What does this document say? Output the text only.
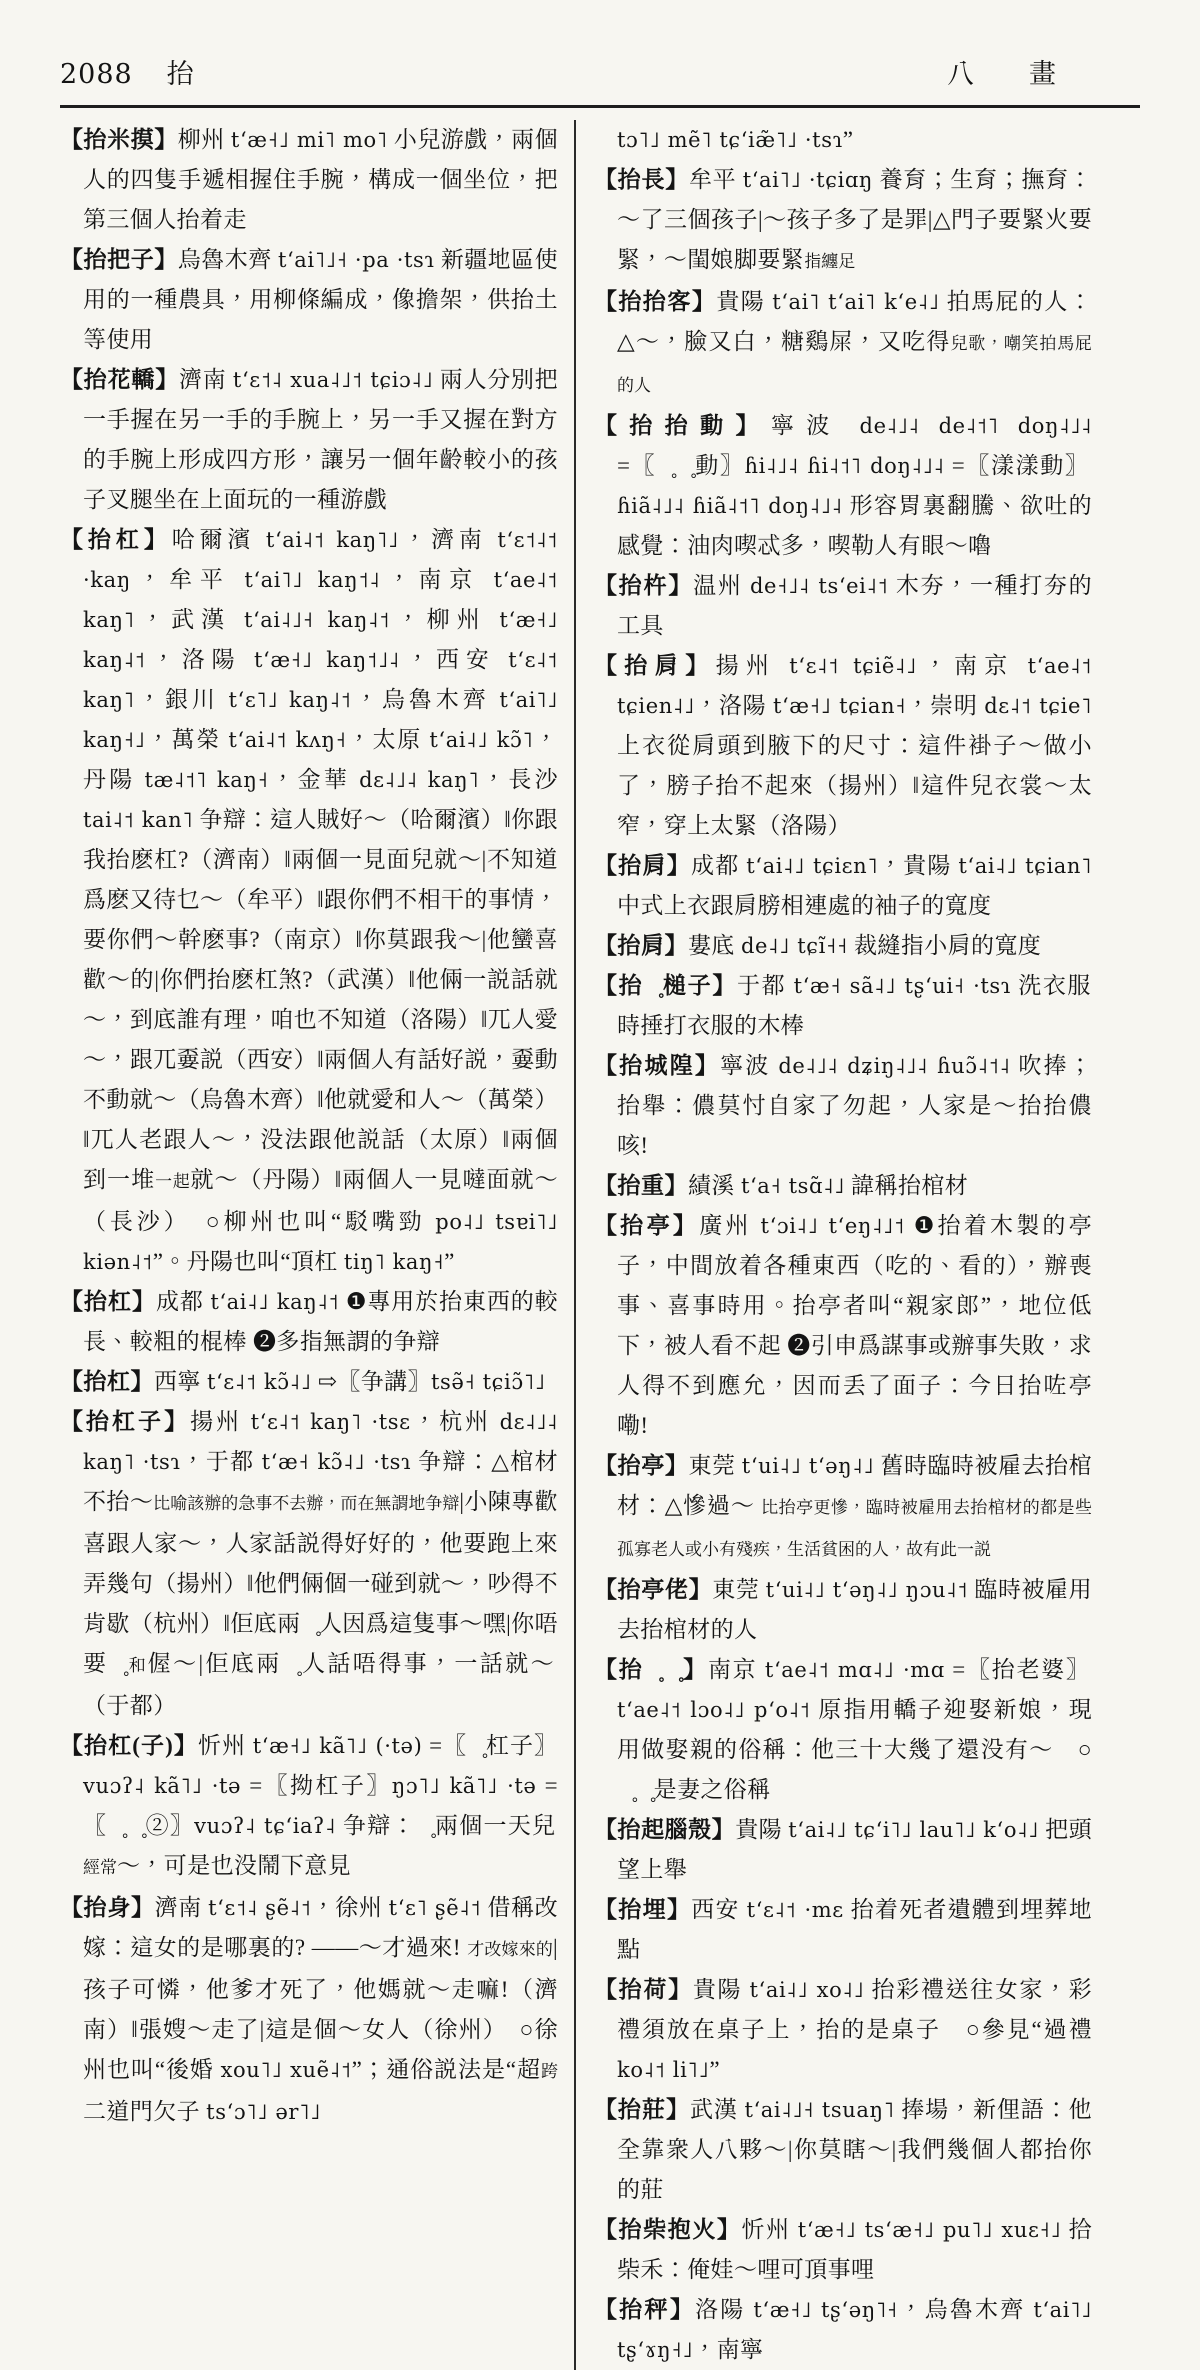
2088 抬	八　畫

【抬米摸】柳州 tʻæ˧˩ mi˥ mo˥ 小兒游戲，兩個人的四隻手遞相握住手腕，構成一個坐位，把第三個人抬着走

【抬把子】烏魯木齊 tʻai˥˩˧ ·pa ·tsɿ 新疆地區使用的一種農具，用柳條編成，像擔架，供抬土等使用

【抬花轎】濟南 tʻɛ˦˨ xua˨˩˦ tɕiɔ˨˩ 兩人分別把一手握在另一手的手腕上，另一手又握在對方的手腕上形成四方形，讓另一個年齡較小的孩子叉腿坐在上面玩的一種游戲

【抬杠】哈爾濱 tʻai˨˦ kaŋ˥˩，濟南 tʻɛ˦˨˦ ·kaŋ，牟平 tʻai˥˩ kaŋ˦˨，南京 tʻae˨˦ kaŋ˥，武漢 tʻai˨˩˧ kaŋ˨˦，柳州 tʻæ˧˩ kaŋ˨˦，洛陽 tʻæ˧˩ kaŋ˦˩˨，西安 tʻɛ˨˦ kaŋ˥，銀川 tʻɛ˥˩ kaŋ˨˦，烏魯木齊 tʻai˥˩ kaŋ˧˩，萬榮 tʻai˨˦ kʌŋ˧，太原 tʻai˨˩ kɔ̃˥，丹陽 tæ˨˦˥ kaŋ˧，金華 dɛ˨˩˨ kaŋ˥，長沙 tai˨˦ kan˥ 争辯：這人賊好～（哈爾濱）‖你跟我抬麽杠?（濟南）‖兩個一見面兒就～|不知道爲麽又待乜～（牟平）‖跟你們不相干的事情，要你們～幹麽事?（南京）‖你莫跟我～|他蠻喜歡～的|你們抬麽杠煞?（武漢）‖他倆一説話就～，到底誰有理，咱也不知道（洛陽）‖兀人愛～，跟兀嫑説（西安）‖兩個人有話好説，嫑動不動就～（烏魯木齊）‖他就愛和人～（萬榮）‖兀人老跟人～，没法跟他説話（太原）‖兩個到一堆一起就～（丹陽）‖兩個人一見噠面就～（長沙）　○柳州也叫“駁嘴勁 po˨˩ tsɐi˥˩ kiən˨˦”。丹陽也叫“頂杠 tiŋ˥ kaŋ˧”

【抬杠】成都 tʻai˨˩ kaŋ˨˦ ❶專用於抬東西的較長、較粗的棍棒 ❷多指無謂的争辯

【抬杠】西寧 tʻɛ˨˦ kɔ̃˨˩ ⇨〖争講〗tsə̃˧ tɕiɔ̃˥˩

【抬杠子】揚州 tʻɛ˨˦ kaŋ˥ ·tsɛ，杭州 dɛ˨˩˨ kaŋ˥ ·tsɿ，于都 tʻæ˧ kɔ̃˨˩ ·tsɿ 争辯：△棺材不抬～比喻該辦的急事不去辦，而在無謂地争辯|小陳專歡喜跟人家～，人家話説得好好的，他要跑上來弄幾句（揚州）‖他們倆個一碰到就～，吵得不肯歇（杭州）‖佢底兩介̥人因爲這隻事～嘿|你唔要澗̥和偓～|佢底兩介̥人話唔得事，一話就～（于都）

【抬杠(子)】忻州 tʻæ˧˩ kã˥˩ (·tə) =〖握̥杠子〗vuɔʔ˨ kã˥˩ ·tə =〖拗杠子〗ŋɔ˥˩ kã˥˩ ·tə =〖握̥掐̥②〗vuɔʔ˨ tɕʻiaʔ˨ 争辯：未̥兩個一天兒經常～，可是也没鬧下意見

【抬身】濟南 tʻɛ˦˨ ʂẽ˨˦，徐州 tʻɛ˥ ʂẽ˨˦ 借稱改嫁：這女的是哪裏的? ——～才過來! 才改嫁來的|孩子可憐，他爹才死了，他媽就～走嘛!（濟南）‖張嫂～走了|這是個～女人（徐州）　○徐州也叫“後婚 xou˥˩ xuẽ˨˦”；通俗説法是“超跨二道門欠子 tsʻɔ˥˩ ər˥˩

tɔ˥˩ mẽ˥ tɕʻiæ̃˥˩ ·tsɿ”

【抬長】牟平 tʻai˥˩ ·tɕiɑŋ 養育；生育；撫育：～了三個孩子|～孩子多了是罪|△門子要緊火要緊，～閨娘脚要緊指纏足

【抬抬客】貴陽 tʻai˥ tʻai˥ kʻe˨˩ 拍馬屁的人：△～，臉又白，糖鷄屎，又吃得兒歌，嘲笑拍馬屁的人

【抬抬動】寧波 de˨˩˨ de˨˦˥ doŋ˨˩˨ =〖現̥現̥動〗ɦi˨˩˨ ɦi˨˦˥ doŋ˨˩˨ =〖漾漾動〗ɦiã˨˩˨ ɦiã˨˦˥ doŋ˨˩˨ 形容胃裏翻騰、欲吐的感覺：油肉喫忒多，喫勒人有眼～嚕

【抬杵】温州 de˧˩˨ tsʻei˨˦ 木夯，一種打夯的工具

【抬肩】揚州 tʻɛ˨˦ tɕiẽ˨˩，南京 tʻae˨˦ tɕien˨˩，洛陽 tʻæ˧˩ tɕian˧，崇明 dɛ˨˦ tɕie˥ 上衣從肩頭到腋下的尺寸：這件褂子～做小了，膀子抬不起來（揚州）‖這件兒衣裳～太窄，穿上太緊（洛陽）

【抬肩】成都 tʻai˨˩ tɕiɛn˥，貴陽 tʻai˨˩ tɕian˥ 中式上衣跟肩膀相連處的袖子的寬度

【抬肩】婁底 de˨˩ tɕĩ˧˧ 裁縫指小肩的寬度

【抬衫̥槌子】于都 tʻæ˧ sã˨˩ tʂʻui˧ ·tsɿ 洗衣服時捶打衣服的木棒

【抬城隍】寧波 de˨˩˨ dʑiŋ˨˩˨ ɦuɔ̃˨˦˨ 吹捧；抬舉：儂莫忖自家了勿起，人家是～抬抬儂咳!

【抬重】績溪 tʻa˧ tsɑ̃˨˩ 諱稱抬棺材

【抬亭】廣州 tʻɔi˨˩ tʻeŋ˨˩˦ ❶抬着木製的亭子，中間放着各種東西（吃的、看的），辦喪事、喜事時用。抬亭者叫“親家郎”，地位低下，被人看不起 ❷引申爲謀事或辦事失敗，求人得不到應允，因而丢了面子：今日抬咗亭嘞!

【抬亭】東莞 tʻui˨˩ tʻəŋ˨˩ 舊時臨時被雇去抬棺材：△慘過～ 比抬亭更慘，臨時被雇用去抬棺材的都是些孤寡老人或小有殘疾，生活貧困的人，故有此一説

【抬亭佬】東莞 tʻui˨˩ tʻəŋ˨˩ ŋɔu˨˦ 臨時被雇用去抬棺材的人

【抬馬̥馬̥】南京 tʻae˨˦ mɑ˨˩ ·mɑ =〖抬老婆〗tʻae˨˦ lɔo˨˩ pʻo˨˦ 原指用轎子迎娶新娘，現用做娶親的俗稱：他三十大幾了還没有～　○馬̥馬̥是妻之俗稱

【抬起腦殼】貴陽 tʻai˨˩ tɕʻi˥˩ lau˥˩ kʻo˨˩ 把頭望上舉

【抬埋】西安 tʻɛ˨˦ ·mɛ 抬着死者遺體到埋葬地點

【抬荷】貴陽 tʻai˨˩ xo˨˩ 抬彩禮送往女家，彩禮須放在桌子上，抬的是桌子　○參見“過禮 ko˨˦ li˥˩”

【抬莊】武漢 tʻai˨˩˧ tsuaŋ˥ 捧場，新俚語：他全靠衆人八夥～|你莫瞎～|我們幾個人都抬你的莊

【抬柴抱火】忻州 tʻæ˧˩ tsʻæ˧˩ pu˥˩ xuɛ˧˩ 拾柴禾：俺娃～哩可頂事哩

【抬秤】洛陽 tʻæ˧˩ tʂʻəŋ˥˧，烏魯木齊 tʻai˥˩ tʂʻɤŋ˧˩，南寧
